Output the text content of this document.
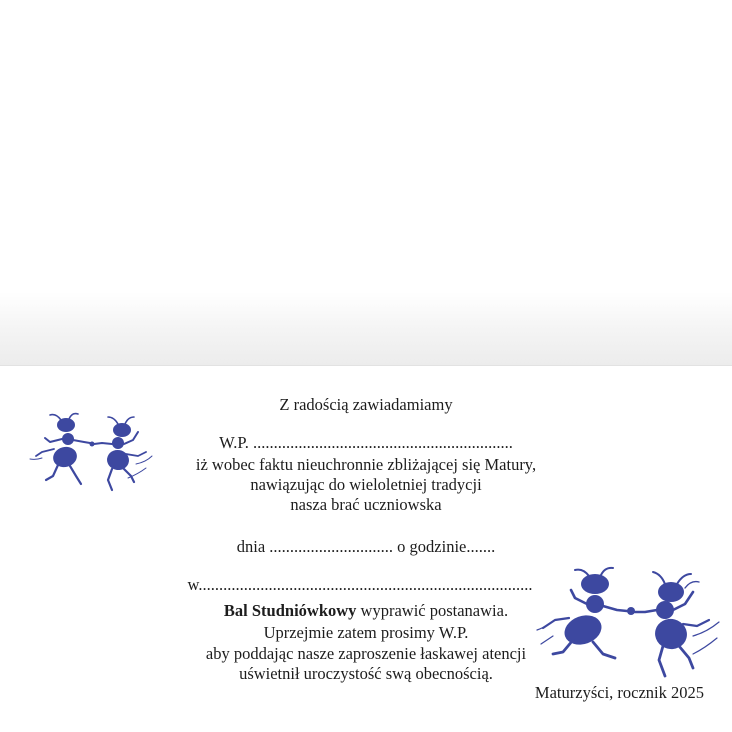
Z radością zawiadamiamy
W.P. ...............................................................
iż wobec faktu nieuchronnie zbliżającej się Matury,
nawiązując do wieloletniej tradycji
nasza brać uczniowska
dnia .............................. o godzinie.......
w.................................................................................
Bal Studniówkowy wyprawić postanawia.
Uprzejmie zatem prosimy W.P.
aby poddając nasze zaproszenie łaskawej atencji
uświetnił uroczystość swą obecnością.
Maturzyści, rocznik 2025
